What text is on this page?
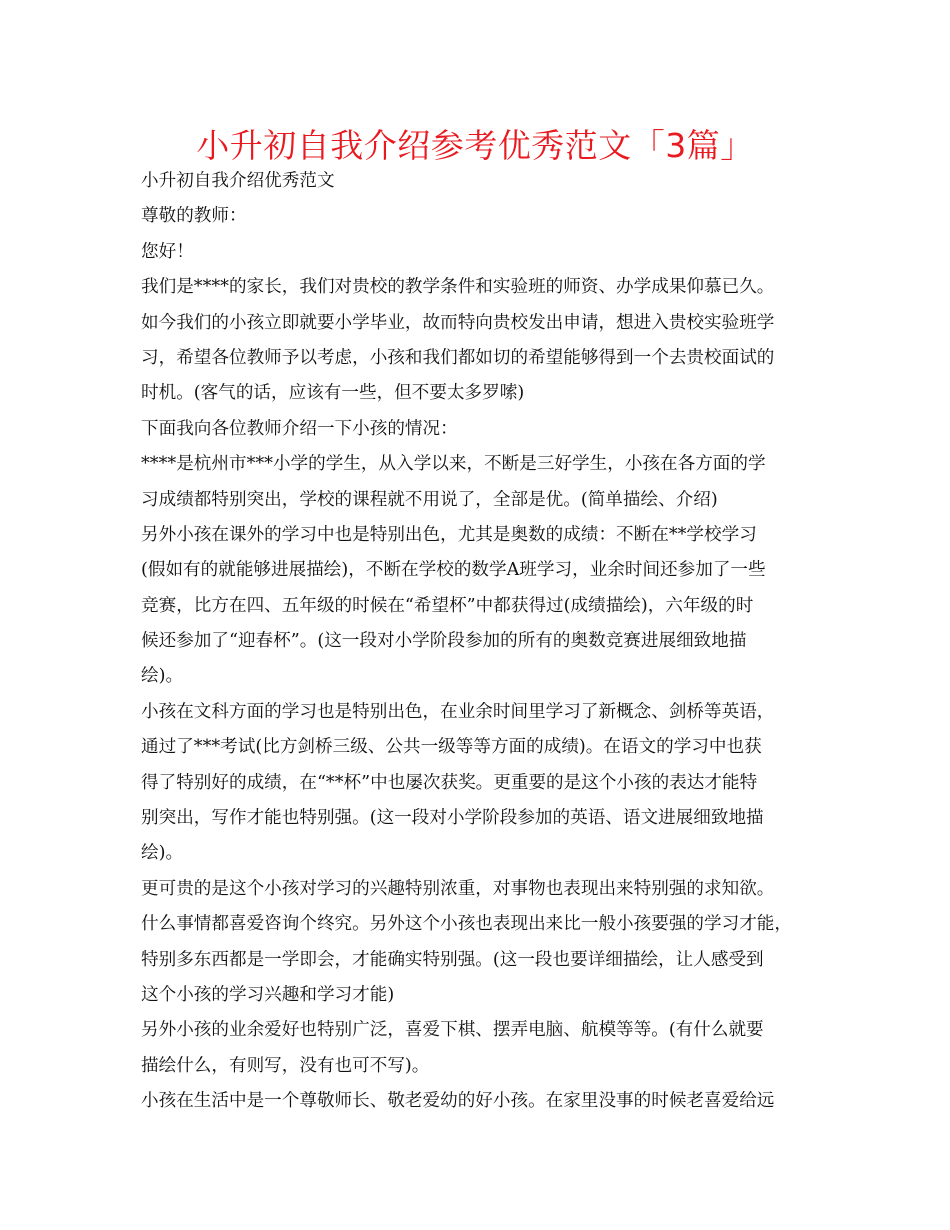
小升初自我介绍参考优秀范文「3篇」
小升初自我介绍优秀范文
尊敬的教师：
您好！
我们是****的家长，我们对贵校的教学条件和实验班的师资、办学成果仰慕已久。
如今我们的小孩立即就要小学毕业，故而特向贵校发出申请，想进入贵校实验班学
习，希望各位教师予以考虑，小孩和我们都如切的希望能够得到一个去贵校面试的
时机。(客气的话，应该有一些，但不要太多罗嗦)
下面我向各位教师介绍一下小孩的情况：
****是杭州市***小学的学生，从入学以来，不断是三好学生，小孩在各方面的学
习成绩都特别突出，学校的课程就不用说了，全部是优。(简单描绘、介绍)
另外小孩在课外的学习中也是特别出色，尤其是奥数的成绩：不断在**学校学习
(假如有的就能够进展描绘)，不断在学校的数学A班学习，业余时间还参加了一些
竞赛，比方在四、五年级的时候在“希望杯”中都获得过(成绩描绘)，六年级的时
候还参加了“迎春杯”。(这一段对小学阶段参加的所有的奥数竞赛进展细致地描
绘)。
小孩在文科方面的学习也是特别出色，在业余时间里学习了新概念、剑桥等英语，
通过了***考试(比方剑桥三级、公共一级等等方面的成绩)。在语文的学习中也获
得了特别好的成绩，在“**杯”中也屡次获奖。更重要的是这个小孩的表达才能特
别突出，写作才能也特别强。(这一段对小学阶段参加的英语、语文进展细致地描
绘)。
更可贵的是这个小孩对学习的兴趣特别浓重，对事物也表现出来特别强的求知欲。
什么事情都喜爱咨询个终究。另外这个小孩也表现出来比一般小孩要强的学习才能，
特别多东西都是一学即会，才能确实特别强。(这一段也要详细描绘，让人感受到
这个小孩的学习兴趣和学习才能)
另外小孩的业余爱好也特别广泛，喜爱下棋、摆弄电脑、航模等等。(有什么就要
描绘什么，有则写，没有也可不写)。
小孩在生活中是一个尊敬师长、敬老爱幼的好小孩。在家里没事的时候老喜爱给远
